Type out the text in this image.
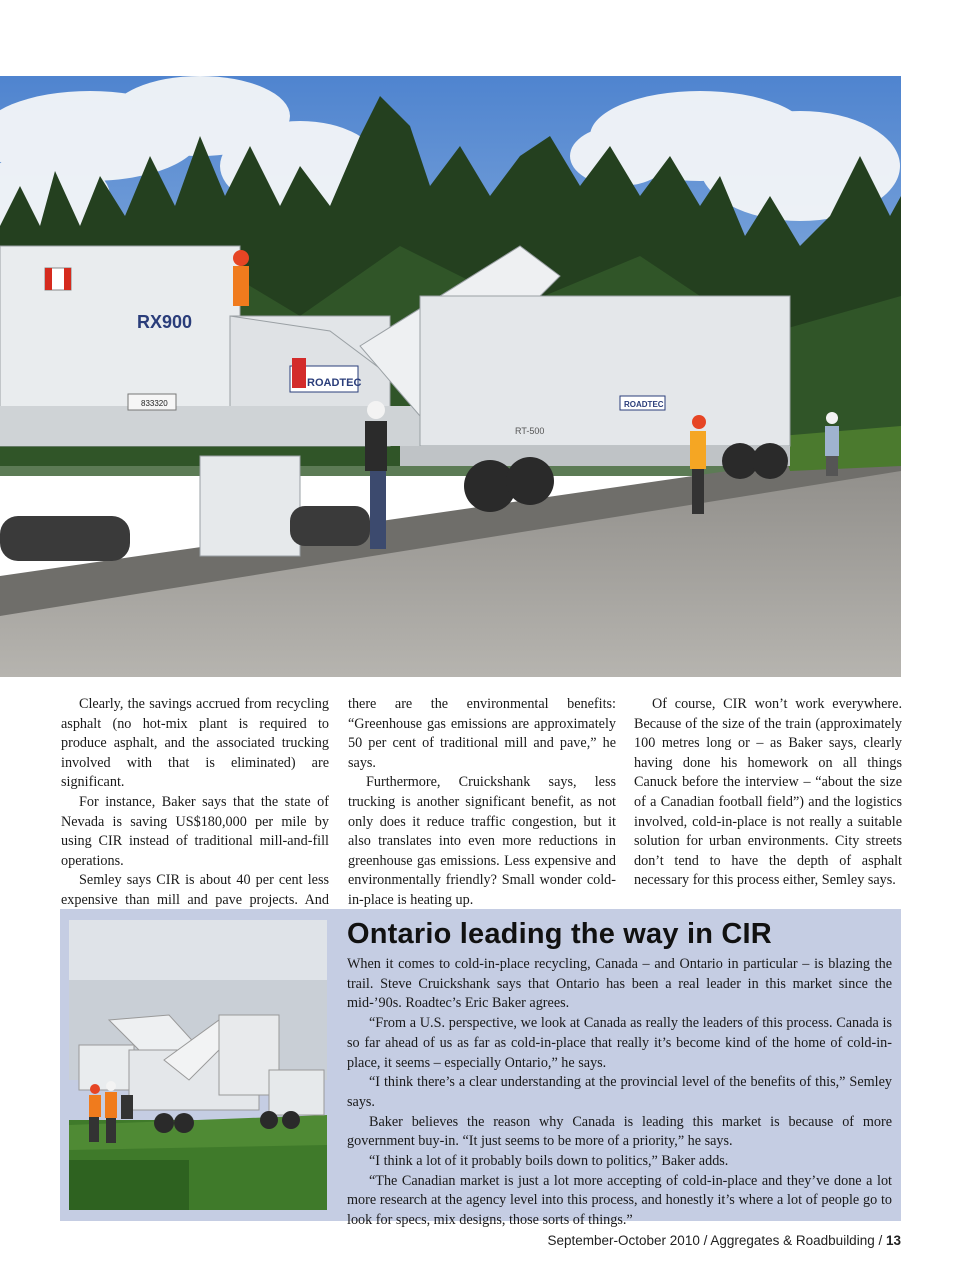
RX900
833320
ROADTEC
ROADTEC
RT-500

Clearly, the savings accrued from recycling asphalt (no hot-mix plant is required to produce asphalt, and the associated trucking involved with that is eliminated) are significant.

For instance, Baker says that the state of Nevada is saving US$180,000 per mile by using CIR instead of traditional mill-and-fill operations.

Semley says CIR is about 40 per cent less expensive than mill and pave projects. And

there are the environmental benefits: “Greenhouse gas emissions are approximately 50 per cent of traditional mill and pave,” he says.

Furthermore, Cruickshank says, less trucking is another significant benefit, as not only does it reduce traffic congestion, but it also translates into even more reductions in greenhouse gas emissions. Less expensive and environmentally friendly? Small wonder cold-in-place is heating up.

Of course, CIR won’t work everywhere. Because of the size of the train (approximately 100 metres long or – as Baker says, clearly having done his homework on all things Canuck before the interview – “about the size of a Canadian football field”) and the logistics involved, cold-in-place is not really a suitable solution for urban environments. City streets don’t tend to have the depth of asphalt necessary for this process either, Semley says.

Ontario leading the way in CIR

When it comes to cold-in-place recycling, Canada – and Ontario in particular – is blazing the trail. Steve Cruickshank says that Ontario has been a real leader in this market since the mid-’90s. Roadtec’s Eric Baker agrees.

“From a U.S. perspective, we look at Canada as really the leaders of this process. Canada is so far ahead of us as far as cold-in-place that really it’s become kind of the home of cold-in-place, it seems – especially Ontario,” he says.

“I think there’s a clear understanding at the provincial level of the benefits of this,” Semley says.

Baker believes the reason why Canada is leading this market is because of more government buy-in. “It just seems to be more of a priority,” he says.

“I think a lot of it probably boils down to politics,” Baker adds.

“The Canadian market is just a lot more accepting of cold-in-place and they’ve done a lot more research at the agency level into this process, and honestly it’s where a lot of people go to look for specs, mix designs, those sorts of things.”

September-October 2010 / Aggregates & Roadbuilding / 13
